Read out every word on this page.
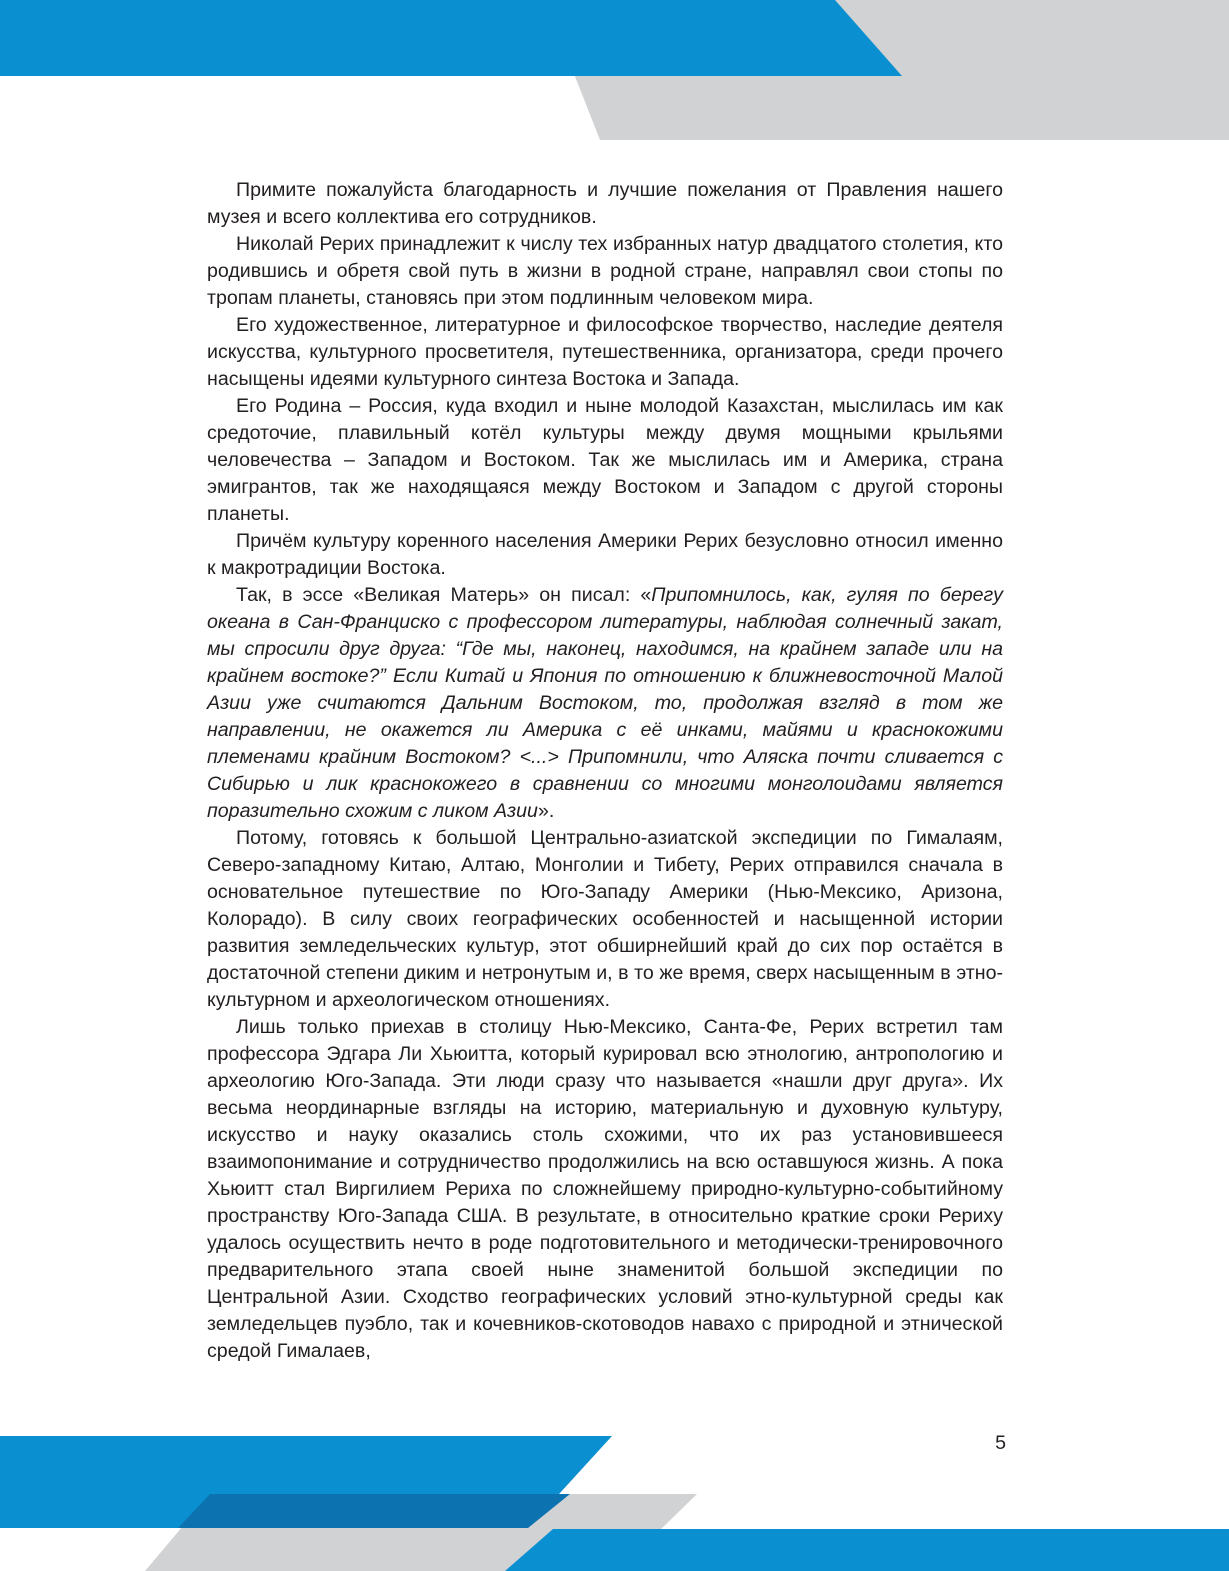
Примите пожалуйста благодарность и лучшие пожелания от Правления нашего музея и всего коллектива его сотрудников.

Николай Рерих принадлежит к числу тех избранных натур двадцатого столетия, кто родившись и обретя свой путь в жизни в родной стране, направлял свои стопы по тропам планеты, становясь при этом подлинным человеком мира.

Его художественное, литературное и философское творчество, наследие деятеля искусства, культурного просветителя, путешественника, организатора, среди прочего насыщены идеями культурного синтеза Востока и Запада.

Его Родина – Россия, куда входил и ныне молодой Казахстан, мыслилась им как средоточие, плавильный котёл культуры между двумя мощными крыльями человечества – Западом и Востоком. Так же мыслилась им и Америка, страна эмигрантов, так же находящаяся между Востоком и Западом с другой стороны планеты.

Причём культуру коренного населения Америки Рерих безусловно относил именно к макротрадиции Востока.

Так, в эссе «Великая Матерь» он писал: «Припомнилось, как, гуляя по берегу океана в Сан-Франциско с профессором литературы, наблюдая солнечный закат, мы спросили друг друга: “Где мы, наконец, находимся, на крайнем западе или на крайнем востоке?” Если Китай и Япония по отношению к ближневосточной Малой Азии уже считаются Дальним Востоком, то, продолжая взгляд в том же направлении, не окажется ли Америка с её инками, майями и краснокожими племенами крайним Востоком? <...> Припомнили, что Аляска почти сливается с Сибирью и лик краснокожего в сравнении со многими монголоидами является поразительно схожим с ликом Азии».

Потому, готовясь к большой Центрально-азиатской экспедиции по Гималаям, Северо-западному Китаю, Алтаю, Монголии и Тибету, Рерих отправился сначала в основательное путешествие по Юго-Западу Америки (Нью-Мексико, Аризона, Колорадо). В силу своих географических особенностей и насыщенной истории развития земледельческих культур, этот обширнейший край до сих пор остаётся в достаточной степени диким и нетронутым и, в то же время, сверх насыщенным в этно-культурном и археологическом отношениях.

Лишь только приехав в столицу Нью-Мексико, Санта-Фе, Рерих встретил там профессора Эдгара Ли Хьюитта, который курировал всю этнологию, антропологию и археологию Юго-Запада. Эти люди сразу что называется «нашли друг друга». Их весьма неординарные взгляды на историю, материальную и духовную культуру, искусство и науку оказались столь схожими, что их раз установившееся взаимопонимание и сотрудничество продолжились на всю оставшуюся жизнь. А пока Хьюитт стал Виргилием Рериха по сложнейшему природно-культурно-событийному пространству Юго-Запада США. В результате, в относительно краткие сроки Рериху удалось осуществить нечто в роде подготовительного и методически-тренировочного предварительного этапа своей ныне знаменитой большой экспедиции по Центральной Азии. Сходство географических условий этно-культурной среды как земледельцев пуэбло, так и кочевников-скотоводов навахо с природной и этнической средой Гималаев,

5
